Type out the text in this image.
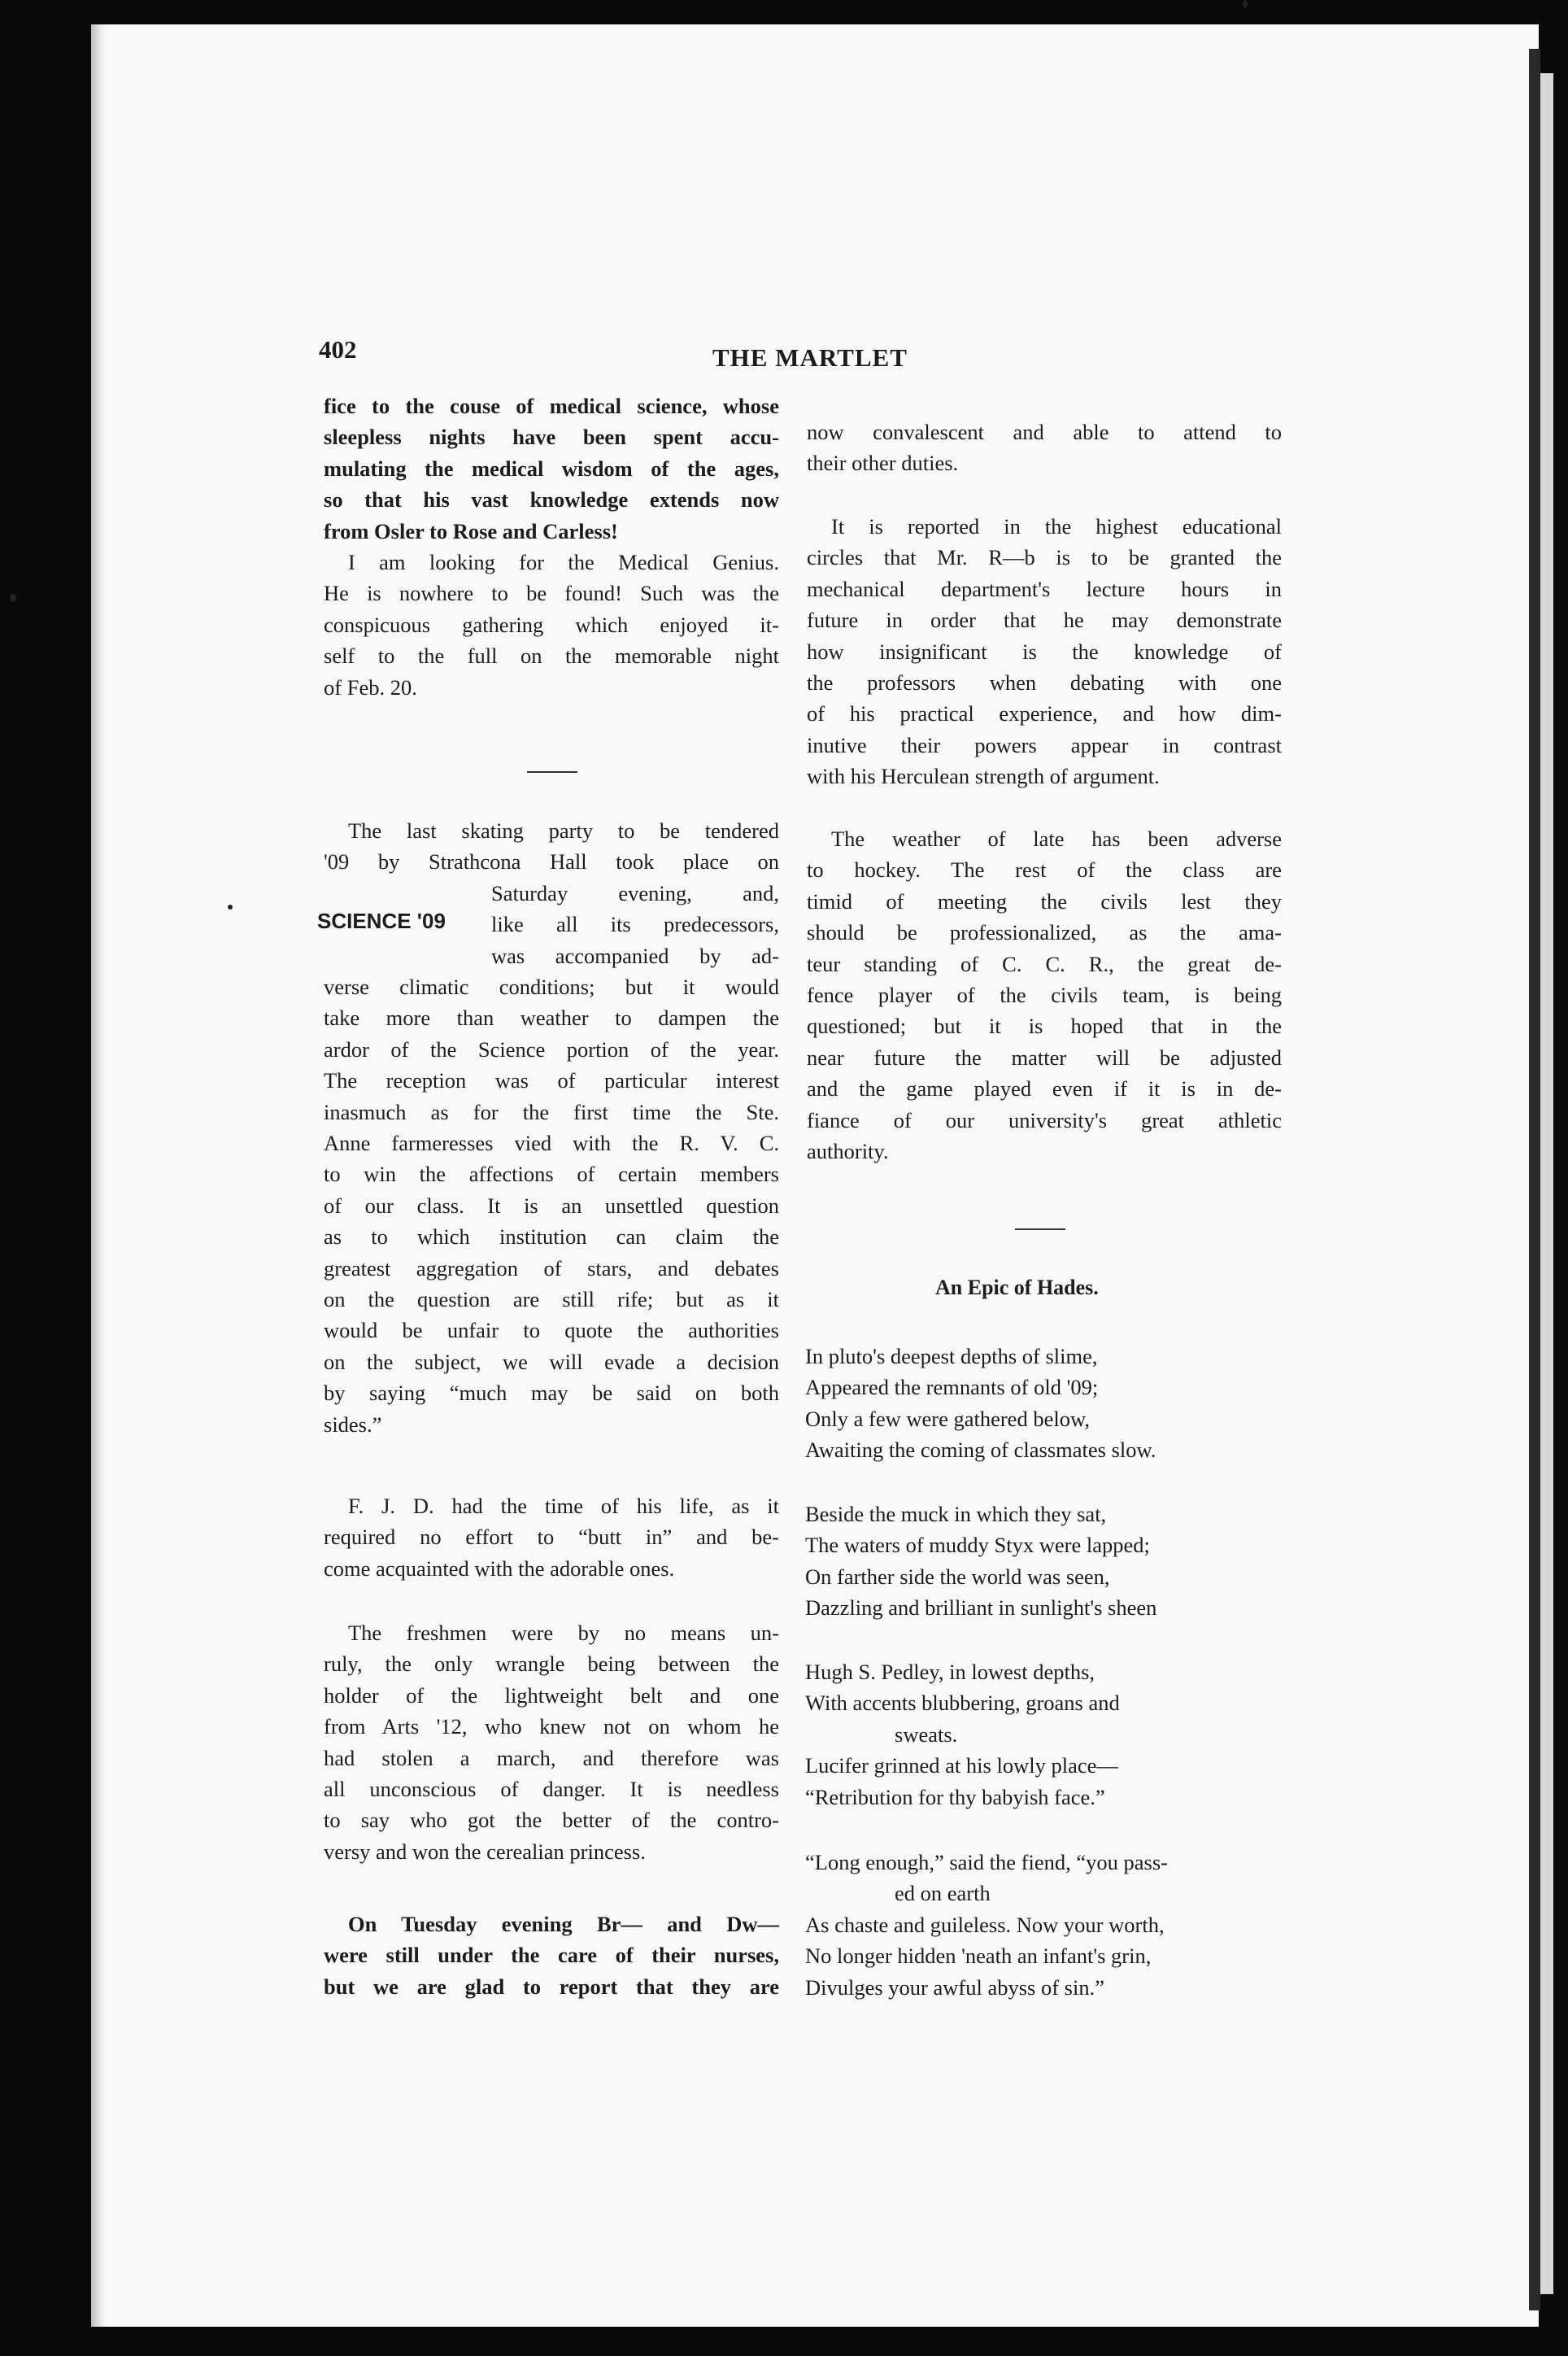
402	THE MARTLET
fice to the couse of medical science, whose
sleepless nights have been spent accu-
mulating the medical wisdom of the ages,
so that his vast knowledge extends now
from Osler to Rose and Carless!
I am looking for the Medical Genius.
He is nowhere to be found! Such was the
conspicuous gathering which enjoyed it-
self to the full on the memorable night
of Feb. 20.
The last skating party to be tendered
'09 by Strathcona Hall took place on
SCIENCE '09
Saturday evening, and,
like all its predecessors,
was accompanied by ad-
verse climatic conditions; but it would
take more than weather to dampen the
ardor of the Science portion of the year.
The reception was of particular interest
inasmuch as for the first time the Ste.
Anne farmeresses vied with the R. V. C.
to win the affections of certain members
of our class. It is an unsettled question
as to which institution can claim the
greatest aggregation of stars, and debates
on the question are still rife; but as it
would be unfair to quote the authorities
on the subject, we will evade a decision
by saying “much may be said on both
sides.”
F. J. D. had the time of his life, as it
required no effort to “butt in” and be-
come acquainted with the adorable ones.
The freshmen were by no means un-
ruly, the only wrangle being between the
holder of the lightweight belt and one
from Arts '12, who knew not on whom he
had stolen a march, and therefore was
all unconscious of danger. It is needless
to say who got the better of the contro-
versy and won the cerealian princess.
On Tuesday evening Br— and Dw—
were still under the care of their nurses,
but we are glad to report that they are
now convalescent and able to attend to
their other duties.
It is reported in the highest educational
circles that Mr. R—b is to be granted the
mechanical department's lecture hours in
future in order that he may demonstrate
how insignificant is the knowledge of
the professors when debating with one
of his practical experience, and how dim-
inutive their powers appear in contrast
with his Herculean strength of argument.
The weather of late has been adverse
to hockey. The rest of the class are
timid of meeting the civils lest they
should be professionalized, as the ama-
teur standing of C. C. R., the great de-
fence player of the civils team, is being
questioned; but it is hoped that in the
near future the matter will be adjusted
and the game played even if it is in de-
fiance of our university's great athletic
authority.
An Epic of Hades.
In pluto's deepest depths of slime,
Appeared the remnants of old '09;
Only a few were gathered below,
Awaiting the coming of classmates slow.
Beside the muck in which they sat,
The waters of muddy Styx were lapped;
On farther side the world was seen,
Dazzling and brilliant in sunlight's sheen
Hugh S. Pedley, in lowest depths,
With accents blubbering, groans and
sweats.
Lucifer grinned at his lowly place—
“Retribution for thy babyish face.”
“Long enough,” said the fiend, “you pass-
ed on earth
As chaste and guileless. Now your worth,
No longer hidden 'neath an infant's grin,
Divulges your awful abyss of sin.”
